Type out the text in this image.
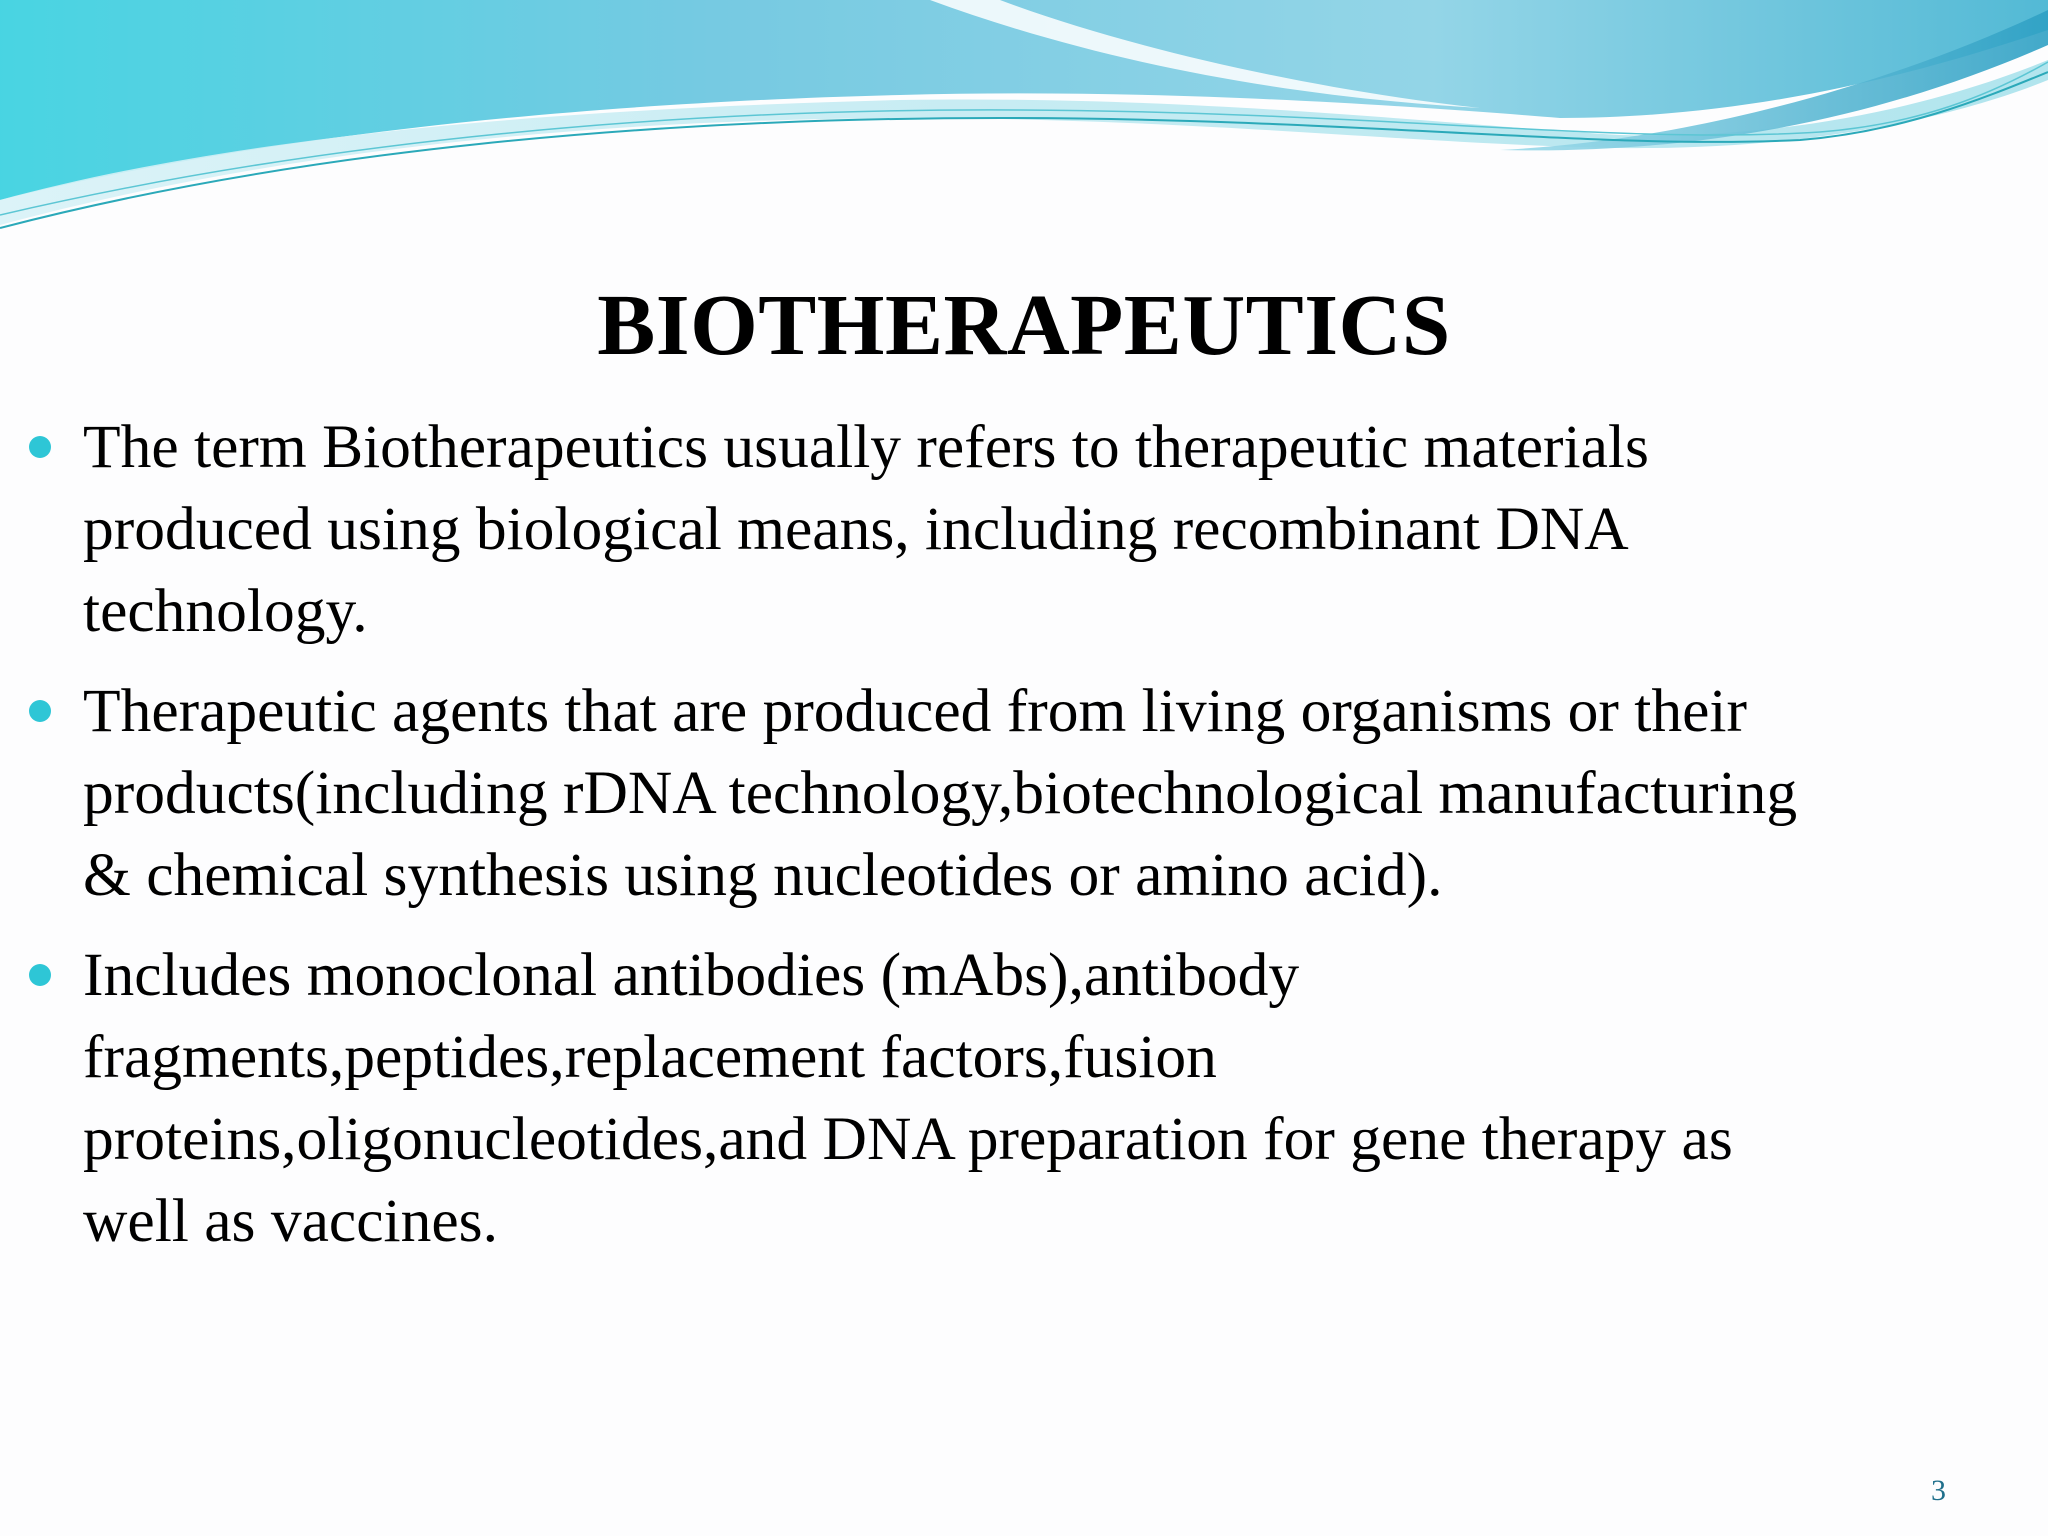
BIOTHERAPEUTICS
The term Biotherapeutics usually refers to therapeutic materials
produced using biological means, including recombinant DNA
technology.
Therapeutic agents that are produced from living organisms or their
products(including rDNA technology,biotechnological manufacturing
& chemical synthesis using nucleotides or amino acid).
Includes monoclonal antibodies (mAbs),antibody
fragments,peptides,replacement factors,fusion
proteins,oligonucleotides,and DNA preparation for gene therapy as
well as vaccines.
3
